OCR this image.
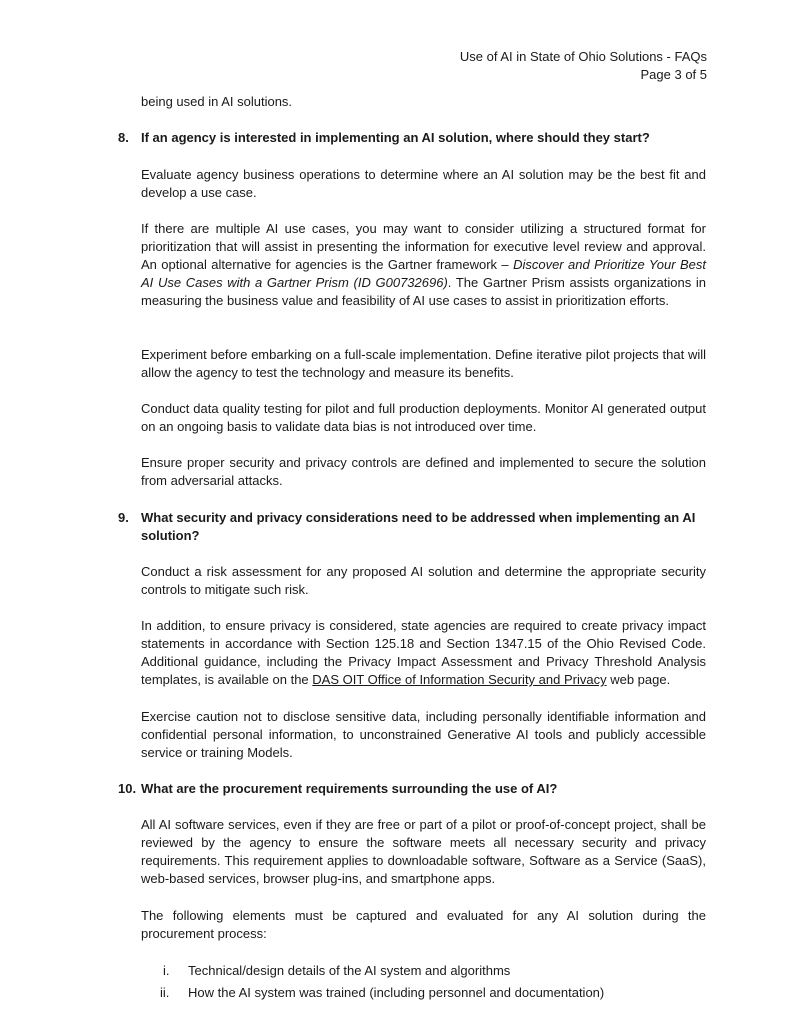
Use of AI in State of Ohio Solutions - FAQs
Page 3 of 5

being used in AI solutions.

8. If an agency is interested in implementing an AI solution, where should they start?

Evaluate agency business operations to determine where an AI solution may be the best fit and develop a use case.

If there are multiple AI use cases, you may want to consider utilizing a structured format for prioritization that will assist in presenting the information for executive level review and approval. An optional alternative for agencies is the Gartner framework – Discover and Prioritize Your Best AI Use Cases with a Gartner Prism (ID G00732696). The Gartner Prism assists organizations in measuring the business value and feasibility of AI use cases to assist in prioritization efforts.

Experiment before embarking on a full-scale implementation. Define iterative pilot projects that will allow the agency to test the technology and measure its benefits.

Conduct data quality testing for pilot and full production deployments. Monitor AI generated output on an ongoing basis to validate data bias is not introduced over time.

Ensure proper security and privacy controls are defined and implemented to secure the solution from adversarial attacks.

9. What security and privacy considerations need to be addressed when implementing an AI solution?

Conduct a risk assessment for any proposed AI solution and determine the appropriate security controls to mitigate such risk.

In addition, to ensure privacy is considered, state agencies are required to create privacy impact statements in accordance with Section 125.18 and Section 1347.15 of the Ohio Revised Code. Additional guidance, including the Privacy Impact Assessment and Privacy Threshold Analysis templates, is available on the DAS OIT Office of Information Security and Privacy web page.

Exercise caution not to disclose sensitive data, including personally identifiable information and confidential personal information, to unconstrained Generative AI tools and publicly accessible service or training Models.

10. What are the procurement requirements surrounding the use of AI?

All AI software services, even if they are free or part of a pilot or proof-of-concept project, shall be reviewed by the agency to ensure the software meets all necessary security and privacy requirements. This requirement applies to downloadable software, Software as a Service (SaaS), web-based services, browser plug-ins, and smartphone apps.

The following elements must be captured and evaluated for any AI solution during the procurement process:

i. Technical/design details of the AI system and algorithms
ii. How the AI system was trained (including personnel and documentation)
